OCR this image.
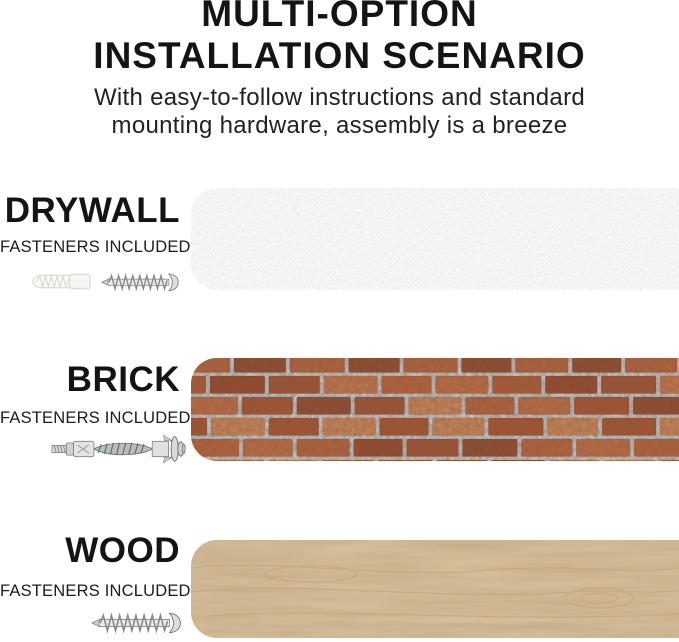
MULTI-OPTION
INSTALLATION SCENARIO
With easy-to-follow instructions and standard
mounting hardware, assembly is a breeze
DRYWALL
FASTENERS INCLUDED
BRICK
FASTENERS INCLUDED
WOOD
FASTENERS INCLUDED
